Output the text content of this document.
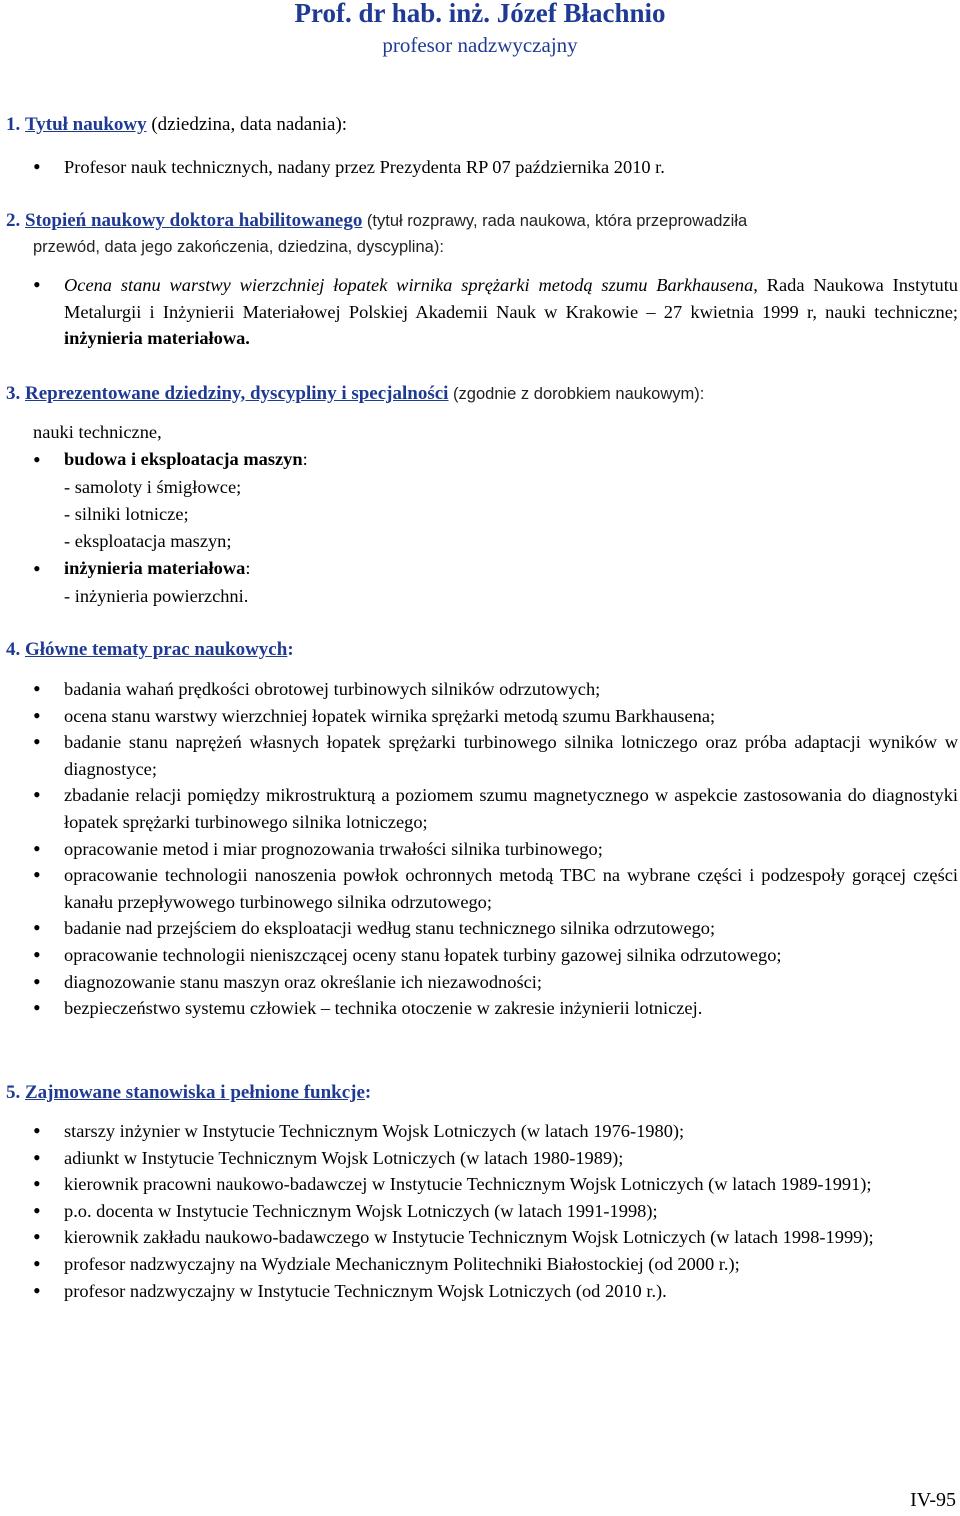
Prof. dr hab. inż. Józef Błachnio
profesor nadzwyczajny
1. Tytuł naukowy (dziedzina, data nadania):
• Profesor nauk technicznych, nadany przez Prezydenta RP 07 października 2010 r.
2. Stopień naukowy doktora habilitowanego (tytuł rozprawy, rada naukowa, która przeprowadziła
przewód, data jego zakończenia, dziedzina, dyscyplina):
• Ocena stanu warstwy wierzchniej łopatek wirnika sprężarki metodą szumu Barkhausena, Rada Naukowa Instytutu Metalurgii i Inżynierii Materiałowej Polskiej Akademii Nauk w Krakowie – 27 kwietnia 1999 r, nauki techniczne; inżynieria materiałowa.
3. Reprezentowane dziedziny, dyscypliny i specjalności (zgodnie z dorobkiem naukowym):
nauki techniczne,
• budowa i eksploatacja maszyn:
- samoloty i śmigłowce;
- silniki lotnicze;
- eksploatacja maszyn;
• inżynieria materiałowa:
- inżynieria powierzchni.
4. Główne tematy prac naukowych:
• badania wahań prędkości obrotowej turbinowych silników odrzutowych;
• ocena stanu warstwy wierzchniej łopatek wirnika sprężarki metodą szumu Barkhausena;
• badanie stanu naprężeń własnych łopatek sprężarki turbinowego silnika lotniczego oraz próba adaptacji wyników w diagnostyce;
• zbadanie relacji pomiędzy mikrostrukturą a poziomem szumu magnetycznego w aspekcie zastosowania do diagnostyki łopatek sprężarki turbinowego silnika lotniczego;
• opracowanie metod i miar prognozowania trwałości silnika turbinowego;
• opracowanie technologii nanoszenia powłok ochronnych metodą TBC na wybrane części i podzespoły gorącej części kanału przepływowego turbinowego silnika odrzutowego;
• badanie nad przejściem do eksploatacji według stanu technicznego silnika odrzutowego;
• opracowanie technologii nieniszczącej oceny stanu łopatek turbiny gazowej silnika odrzutowego;
• diagnozowanie stanu maszyn oraz określanie ich niezawodności;
• bezpieczeństwo systemu człowiek – technika otoczenie w zakresie inżynierii lotniczej.
5. Zajmowane stanowiska i pełnione funkcje:
• starszy inżynier w Instytucie Technicznym Wojsk Lotniczych (w latach 1976-1980);
• adiunkt w Instytucie Technicznym Wojsk Lotniczych (w latach 1980-1989);
• kierownik pracowni naukowo-badawczej w Instytucie Technicznym Wojsk Lotniczych (w latach 1989-1991);
• p.o. docenta w Instytucie Technicznym Wojsk Lotniczych (w latach 1991-1998);
• kierownik zakładu naukowo-badawczego w Instytucie Technicznym Wojsk Lotniczych (w latach 1998-1999);
• profesor nadzwyczajny na Wydziale Mechanicznym Politechniki Białostockiej (od 2000 r.);
• profesor nadzwyczajny w Instytucie Technicznym Wojsk Lotniczych (od 2010 r.).
IV-95
